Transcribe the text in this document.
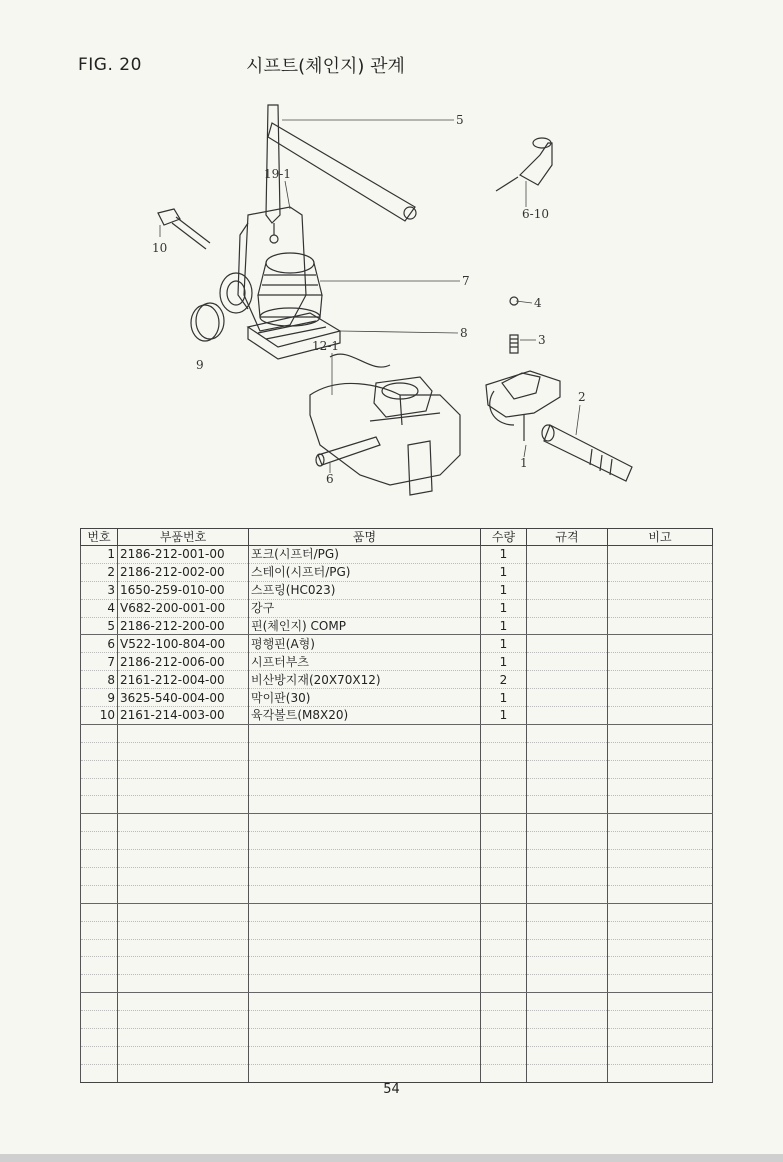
FIG. 20	시프트(체인지) 관계
5
6-10
19-1
10
7
4
8	3
12-1
9
2
1
6
번호	부품번호	품명	수량	규격	비고
1	2186-212-001-00	포크(시프터/PG)	1		
2	2186-212-002-00	스테이(시프터/PG)	1		
3	1650-259-010-00	스프링(HC023)	1		
4	V682-200-001-00	강구	1		
5	2186-212-200-00	핀(체인지) COMP	1		
6	V522-100-804-00	평행핀(A형)	1		
7	2186-212-006-00	시프터부츠	1		
8	2161-212-004-00	비산방지재(20X70X12)	2		
9	3625-540-004-00	막이판(30)	1		
10	2161-214-003-00	육각볼트(M8X20)	1		

54
